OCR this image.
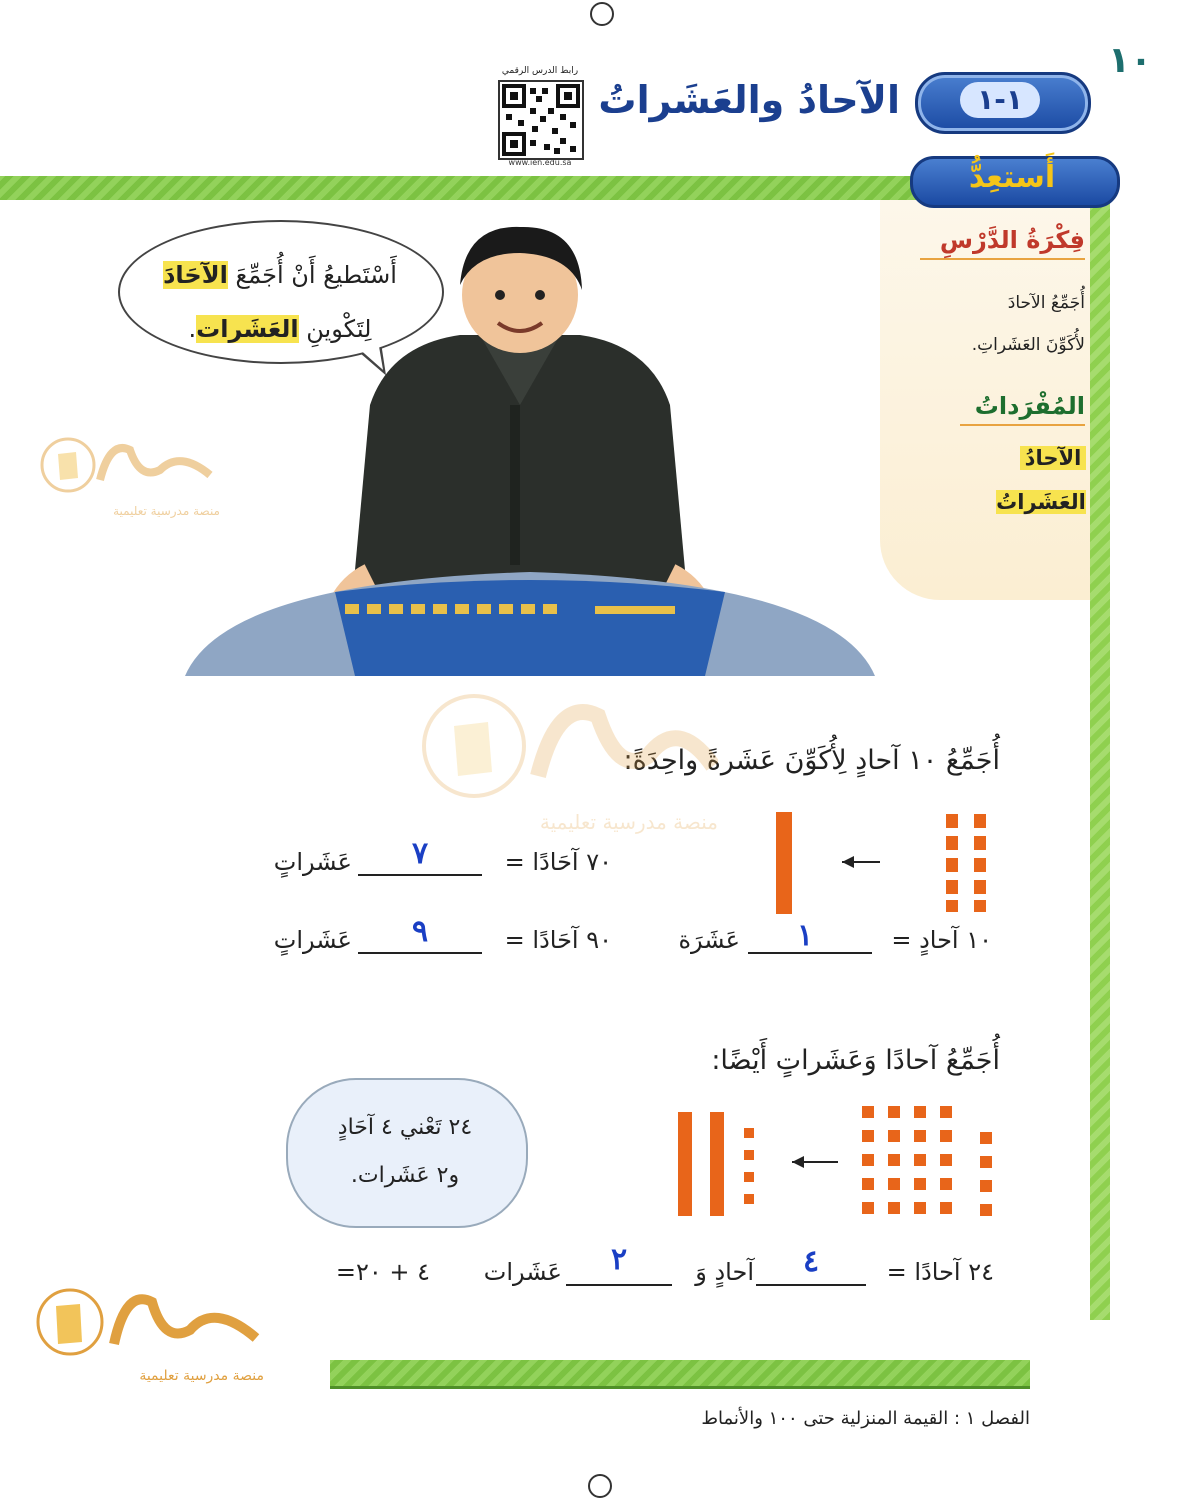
١٠
١-١
الآحادُ والعَشَراتُ
رابط الدرس الرقمي
www.ien.edu.sa	أَستعِدُّ
فِكْرَةُ الدَّرْسِ
أُجَمِّعُ الآحادَ
لأُكَوِّنَ العَشَراتِ.
المُفْرَداتُ
الآحادُ
العَشَراتُ
أَسْتَطيعُ أَنْ أُجَمِّعَ الآحَادَ
لِتَكْوينِ العَشَرات.
أُجَمِّعُ ١٠ آحادٍ لِأُكَوِّنَ عَشَرةً واحِدَةً:
١٠ آحادٍ =
١
عَشَرَة
٧٠ آحَادًا =
٧
عَشَراتٍ
٩٠ آحَادًا =
٩
عَشَراتٍ
أُجَمِّعُ آحادًا وَعَشَراتٍ أَيْضًا:
٢٤ تَعْني ٤ آحَادٍ
و٢ عَشَرات.
٢٤ آحادًا =
٤
آحادٍ وَ
٢
عَشَرات
٤ + ٢٠=
منصة مدرسية تعليمية
منصة مدرسية تعليمية
منصة مدرسية تعليمية
الفصل ١ : القيمة المنزلية حتى ١٠٠ والأنماط
